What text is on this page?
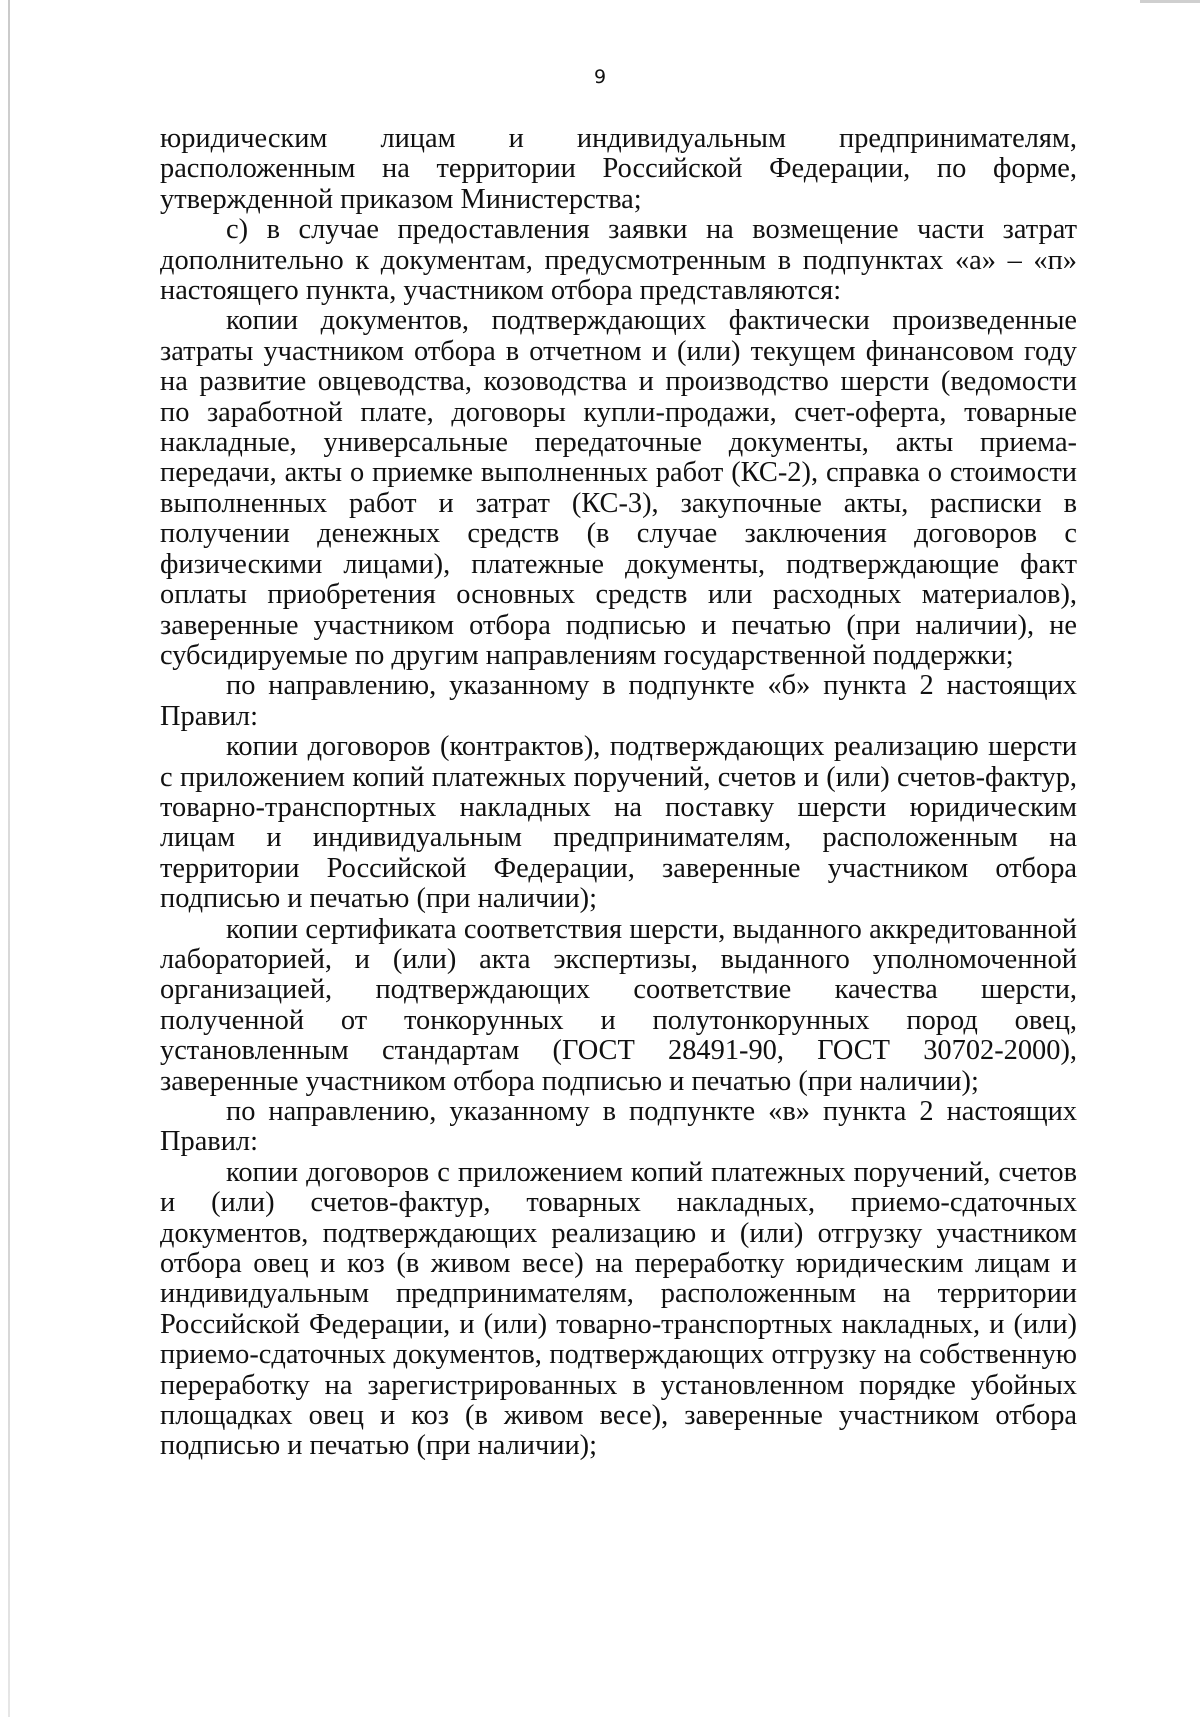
9

юридическим лицам и индивидуальным предпринимателям, расположенным на территории Российской Федерации, по форме, утвержденной приказом Министерства;

с) в случае предоставления заявки на возмещение части затрат дополнительно к документам, предусмотренным в подпунктах «а» – «п» настоящего пункта, участником отбора представляются:

копии документов, подтверждающих фактически произведенные затраты участником отбора в отчетном и (или) текущем финансовом году на развитие овцеводства, козоводства и производство шерсти (ведомости по заработной плате, договоры купли-продажи, счет-оферта, товарные накладные, универсальные передаточные документы, акты приема-передачи, акты о приемке выполненных работ (КС-2), справка о стоимости выполненных работ и затрат (КС-3), закупочные акты, расписки в получении денежных средств (в случае заключения договоров с физическими лицами), платежные документы, подтверждающие факт оплаты приобретения основных средств или расходных материалов), заверенные участником отбора подписью и печатью (при наличии), не субсидируемые по другим направлениям государственной поддержки;

по направлению, указанному в подпункте «б» пункта 2 настоящих Правил:

копии договоров (контрактов), подтверждающих реализацию шерсти с приложением копий платежных поручений, счетов и (или) счетов-фактур, товарно-транспортных накладных на поставку шерсти юридическим лицам и индивидуальным предпринимателям, расположенным на территории Российской Федерации, заверенные участником отбора подписью и печатью (при наличии);

копии сертификата соответствия шерсти, выданного аккредитованной лабораторией, и (или) акта экспертизы, выданного уполномоченной организацией, подтверждающих соответствие качества шерсти, полученной от тонкорунных и полутонкорунных пород овец, установленным стандартам (ГОСТ 28491-90, ГОСТ 30702-2000), заверенные участником отбора подписью и печатью (при наличии);

по направлению, указанному в подпункте «в» пункта 2 настоящих Правил:

копии договоров с приложением копий платежных поручений, счетов и (или) счетов-фактур, товарных накладных, приемо-сдаточных документов, подтверждающих реализацию и (или) отгрузку участником отбора овец и коз (в живом весе) на переработку юридическим лицам и индивидуальным предпринимателям, расположенным на территории Российской Федерации, и (или) товарно-транспортных накладных, и (или) приемо-сдаточных документов, подтверждающих отгрузку на собственную переработку на зарегистрированных в установленном порядке убойных площадках овец и коз (в живом весе), заверенные участником отбора подписью и печатью (при наличии);
